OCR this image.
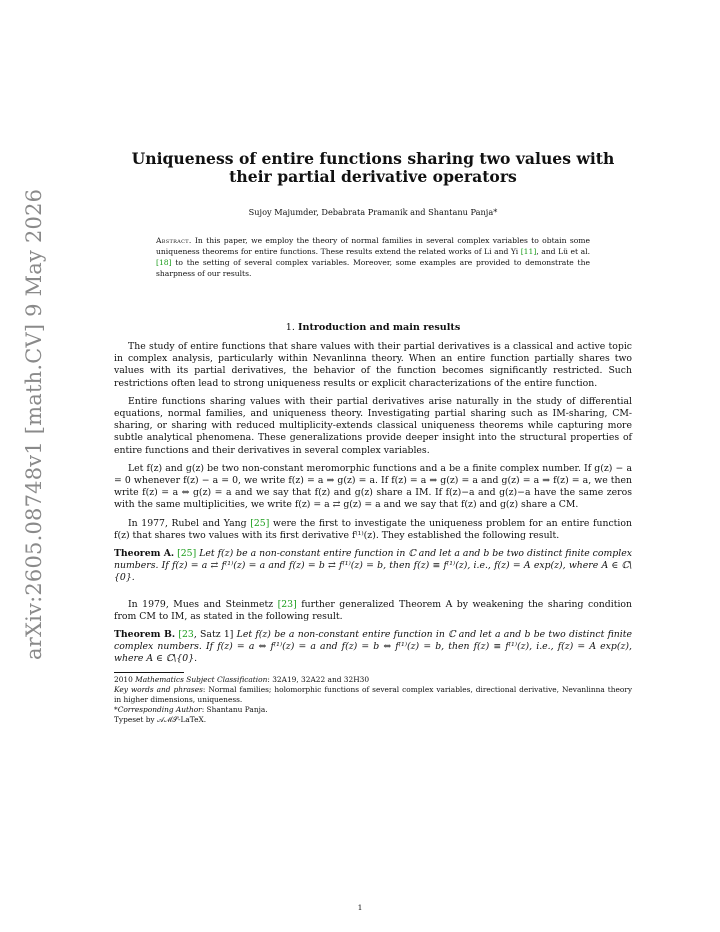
arXiv:2605.08748v1 [math.CV] 9 May 2026
Uniqueness of entire functions sharing two values with their partial derivative operators
Sujoy Majumder, Debabrata Pramanik and Shantanu Panja*
Abstract. In this paper, we employ the theory of normal families in several complex variables to obtain some uniqueness theorems for entire functions. These results extend the related works of Li and Yi [11], and Lü et al. [18] to the setting of several complex variables. Moreover, some examples are provided to demonstrate the sharpness of our results.
1. Introduction and main results

The study of entire functions that share values with their partial derivatives is a classical and active topic in complex analysis, particularly within Nevanlinna theory. When an entire function partially shares two values with its partial derivatives, the behavior of the function becomes significantly restricted. Such restrictions often lead to strong uniqueness results or explicit characterizations of the entire function.

Entire functions sharing values with their partial derivatives arise naturally in the study of differential equations, normal families, and uniqueness theory. Investigating partial sharing such as IM-sharing, CM-sharing, or sharing with reduced multiplicity-extends classical uniqueness theorems while capturing more subtle analytical phenomena. These generalizations provide deeper insight into the structural properties of entire functions and their derivatives in several complex variables.

Let f(z) and g(z) be two non-constant meromorphic functions and a be a finite complex number. If g(z) − a = 0 whenever f(z) − a = 0, we write f(z) = a ⇒ g(z) = a. If f(z) = a ⇒ g(z) = a and g(z) = a ⇒ f(z) = a, we then write f(z) = a ⇔ g(z) = a and we say that f(z) and g(z) share a IM. If f(z)−a and g(z)−a have the same zeros with the same multiplicities, we write f(z) = a ⇄ g(z) = a and we say that f(z) and g(z) share a CM.

In 1977, Rubel and Yang [25] were the first to investigate the uniqueness problem for an entire function f(z) that shares two values with its first derivative f⁽¹⁾(z). They established the following result.

Theorem A. [25] Let f(z) be a non-constant entire function in ℂ and let a and b be two distinct finite complex numbers. If f(z) = a ⇄ f⁽¹⁾(z) = a and f(z) = b ⇄ f⁽¹⁾(z) = b, then f(z) ≡ f⁽¹⁾(z), i.e., f(z) = A exp(z), where A ∈ ℂ\{0}.

In 1979, Mues and Steinmetz [23] further generalized Theorem A by weakening the sharing condition from CM to IM, as stated in the following result.

Theorem B. [23, Satz 1] Let f(z) be a non-constant entire function in ℂ and let a and b be two distinct finite complex numbers. If f(z) = a ⇔ f⁽¹⁾(z) = a and f(z) = b ⇔ f⁽¹⁾(z) = b, then f(z) ≡ f⁽¹⁾(z), i.e., f(z) = A exp(z), where A ∈ ℂ\{0}.

2010 Mathematics Subject Classification: 32A19, 32A22 and 32H30

Key words and phrases: Normal families; holomorphic functions of several complex variables, directional derivative, Nevanlinna theory in higher dimensions, uniqueness.

*Corresponding Author: Shantanu Panja.

Typeset by 𝒜ℳ𝒮-LaTeX.

1
